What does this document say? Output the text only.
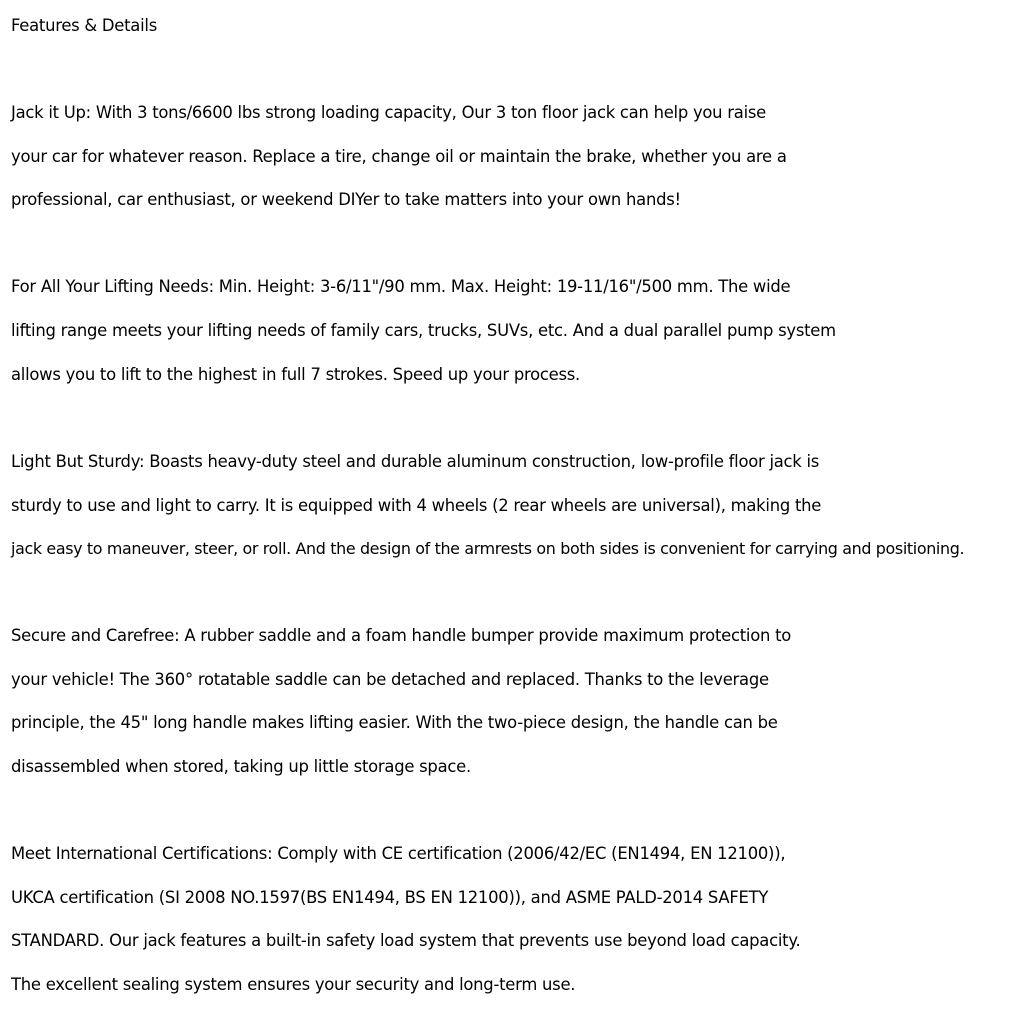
Features & Details
Jack it Up: With 3 tons/6600 lbs strong loading capacity, Our 3 ton floor jack can help you raise
your car for whatever reason. Replace a tire, change oil or maintain the brake, whether you are a
professional, car enthusiast, or weekend DIYer to take matters into your own hands!
For All Your Lifting Needs: Min. Height: 3-6/11"/90 mm. Max. Height: 19-11/16"/500 mm. The wide
lifting range meets your lifting needs of family cars, trucks, SUVs, etc. And a dual parallel pump system
allows you to lift to the highest in full 7 strokes. Speed up your process.
Light But Sturdy: Boasts heavy-duty steel and durable aluminum construction, low-profile floor jack is
sturdy to use and light to carry. It is equipped with 4 wheels (2 rear wheels are universal), making the
jack easy to maneuver, steer, or roll. And the design of the armrests on both sides is convenient for carrying and positioning.
Secure and Carefree: A rubber saddle and a foam handle bumper provide maximum protection to
your vehicle! The 360° rotatable saddle can be detached and replaced. Thanks to the leverage
principle, the 45" long handle makes lifting easier. With the two-piece design, the handle can be
disassembled when stored, taking up little storage space.
Meet International Certifications: Comply with CE certification (2006/42/EC (EN1494, EN 12100)),
UKCA certification (SI 2008 NO.1597(BS EN1494, BS EN 12100)), and ASME PALD-2014 SAFETY
STANDARD. Our jack features a built-in safety load system that prevents use beyond load capacity.
The excellent sealing system ensures your security and long-term use.
